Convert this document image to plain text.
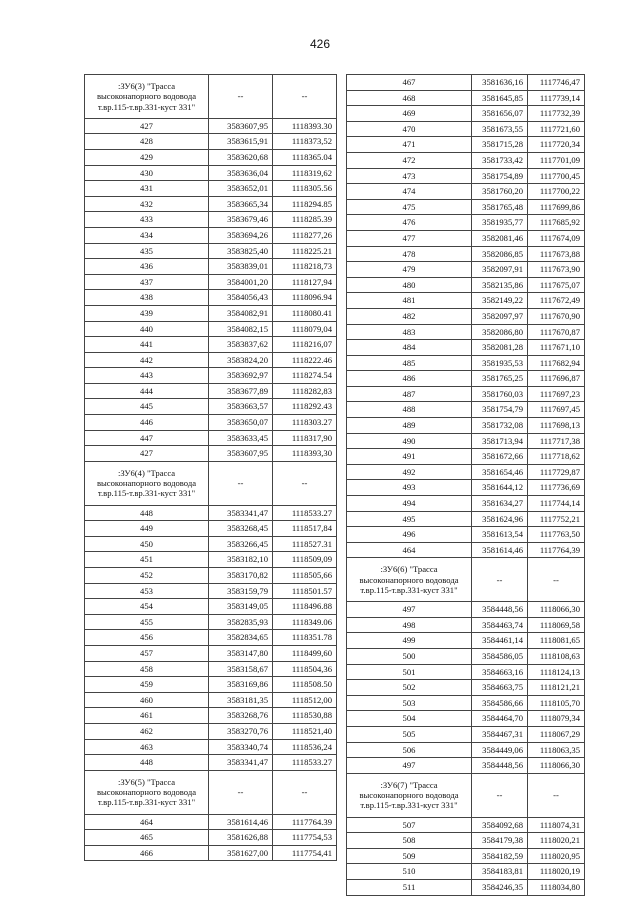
426
:ЗУ6(3) "Трасса высоконапорного водовода т.вр.115-т.вр.331-куст 331"	--	--
427	3583607,95	1118393.30
428	3583615,91	1118373,52
429	3583620,68	1118365.04
430	3583636,04	1118319,62
431	3583652,01	1118305.56
432	3583665,34	1118294.85
433	3583679,46	1118285.39
434	3583694,26	1118277,26
435	3583825,40	1118225.21
436	3583839,01	1118218,73
437	3584001,20	1118127,94
438	3584056,43	1118096.94
439	3584082,91	1118080.41
440	3584082,15	1118079,04
441	3583837,62	1118216,07
442	3583824,20	1118222.46
443	3583692,97	1118274.54
444	3583677,89	1118282,83
445	3583663,57	1118292.43
446	3583650,07	1118303.27
447	3583633,45	1118317,90
427	3583607,95	1118393,30
:ЗУ6(4) "Трасса высоконапорного водовода т.вр.115-т.вр.331-куст 331"	--	--
448	3583341,47	1118533.27
449	3583268,45	1118517,84
450	3583266,45	1118527.31
451	3583182,10	1118509,09
452	3583170,82	1118505,66
453	3583159,79	1118501.57
454	3583149,05	1118496.88
455	3582835,93	1118349.06
456	3582834,65	1118351.78
457	3583147,80	1118499,60
458	3583158,67	1118504,36
459	3583169,86	1118508.50
460	3583181,35	1118512,00
461	3583268,76	1118530,88
462	3583270,76	1118521,40
463	3583340,74	1118536,24
448	3583341,47	1118533.27
:ЗУ6(5) "Трасса высоконапорного водовода т.вр.115-т.вр.331-куст 331"	--	--
464	3581614,46	1117764.39
465	3581626,88	1117754,53
466	3581627,00	1117754,41
467	3581636,16	1117746,47
468	3581645,85	1117739,14
469	3581656,07	1117732,39
470	3581673,55	1117721,60
471	3581715,28	1117720,34
472	3581733,42	1117701,09
473	3581754,89	1117700,45
474	3581760,20	1117700,22
475	3581765,48	1117699,86
476	3581935,77	1117685,92
477	3582081,46	1117674,09
478	3582086,85	1117673,88
479	3582097,91	1117673,90
480	3582135,86	1117675,07
481	3582149,22	1117672,49
482	3582097,97	1117670,90
483	3582086,80	1117670,87
484	3582081,28	1117671,10
485	3581935,53	1117682,94
486	3581765,25	1117696,87
487	3581760,03	1117697,23
488	3581754,79	1117697,45
489	3581732,08	1117698,13
490	3581713,94	1117717,38
491	3581672,66	1117718,62
492	3581654,46	1117729,87
493	3581644,12	1117736,69
494	3581634,27	1117744,14
495	3581624,96	1117752,21
496	3581613,54	1117763,50
464	3581614,46	1117764,39
:ЗУ6(6) "Трасса высоконапорного водовода т.вр.115-т.вр.331-куст 331"	--	--
497	3584448,56	1118066,30
498	3584463,74	1118069,58
499	3584461,14	1118081,65
500	3584586,05	1118108,63
501	3584663,16	1118124,13
502	3584663,75	1118121,21
503	3584586,66	1118105,70
504	3584464,70	1118079,34
505	3584467,31	1118067,29
506	3584449,06	1118063,35
497	3584448,56	1118066,30
:ЗУ6(7) "Трасса высоконапорного водовода т.вр.115-т.вр.331-куст 331"	--	--
507	3584092,68	1118074,31
508	3584179,38	1118020,21
509	3584182,59	1118020,95
510	3584183,81	1118020,19
511	3584246,35	1118034,80
